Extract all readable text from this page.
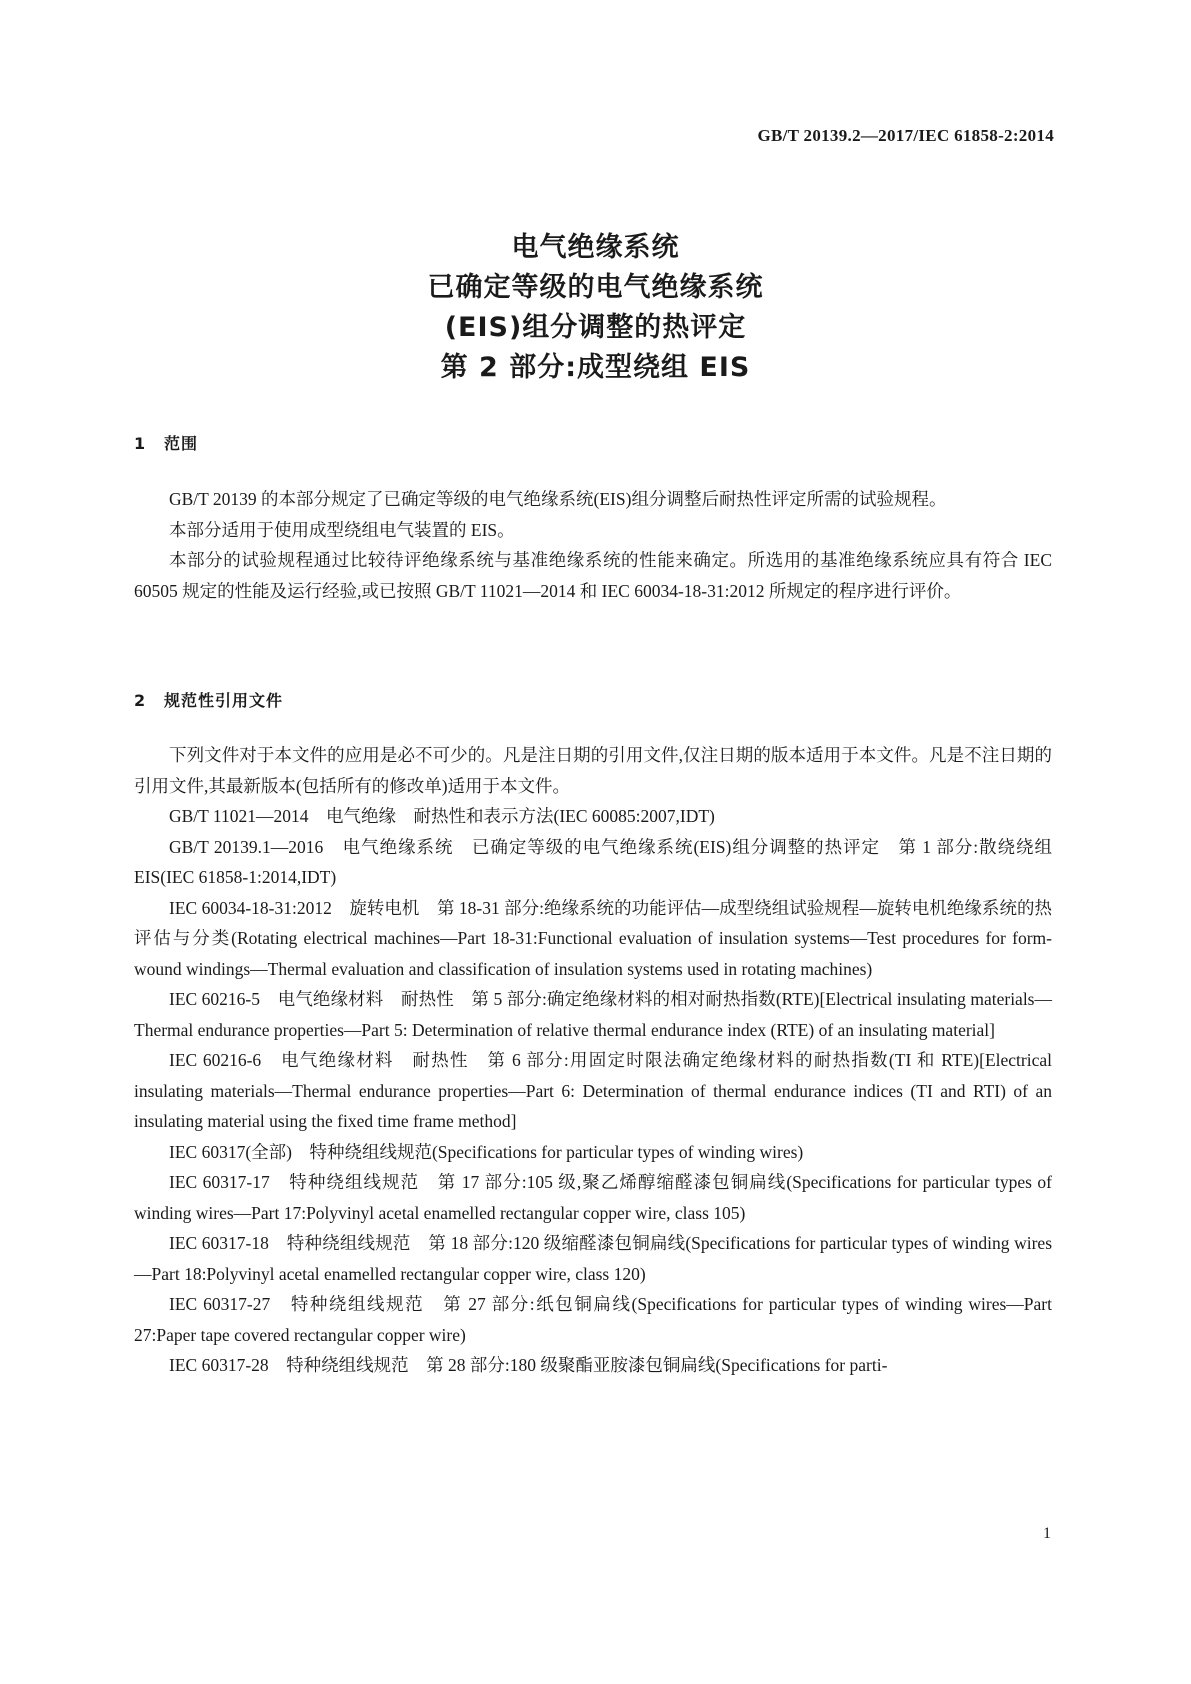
GB/T 20139.2—2017/IEC 61858-2:2014
电气绝缘系统
已确定等级的电气绝缘系统
(EIS)组分调整的热评定
第 2 部分:成型绕组 EIS
1 范围

GB/T 20139 的本部分规定了已确定等级的电气绝缘系统(EIS)组分调整后耐热性评定所需的试验规程。

本部分适用于使用成型绕组电气装置的 EIS。

本部分的试验规程通过比较待评绝缘系统与基准绝缘系统的性能来确定。所选用的基准绝缘系统应具有符合 IEC 60505 规定的性能及运行经验,或已按照 GB/T 11021—2014 和 IEC 60034-18-31:2012 所规定的程序进行评价。

2 规范性引用文件

下列文件对于本文件的应用是必不可少的。凡是注日期的引用文件,仅注日期的版本适用于本文件。凡是不注日期的引用文件,其最新版本(包括所有的修改单)适用于本文件。

GB/T 11021—2014　电气绝缘　耐热性和表示方法(IEC 60085:2007,IDT)

GB/T 20139.1—2016　电气绝缘系统　已确定等级的电气绝缘系统(EIS)组分调整的热评定　第 1 部分:散绕绕组 EIS(IEC 61858-1:2014,IDT)

IEC 60034-18-31:2012　旋转电机　第 18-31 部分:绝缘系统的功能评估—成型绕组试验规程—旋转电机绝缘系统的热评估与分类(Rotating electrical machines—Part 18-31:Functional evaluation of insulation systems—Test procedures for form-wound windings—Thermal evaluation and classification of insulation systems used in rotating machines)

IEC 60216-5　电气绝缘材料　耐热性　第 5 部分:确定绝缘材料的相对耐热指数(RTE)[Electrical insulating materials—Thermal endurance properties—Part 5: Determination of relative thermal endurance index (RTE) of an insulating material]

IEC 60216-6　电气绝缘材料　耐热性　第 6 部分:用固定时限法确定绝缘材料的耐热指数(TI 和 RTE)[Electrical insulating materials—Thermal endurance properties—Part 6: Determination of thermal endurance indices (TI and RTI) of an insulating material using the fixed time frame method]

IEC 60317(全部)　特种绕组线规范(Specifications for particular types of winding wires)

IEC 60317-17　特种绕组线规范　第 17 部分:105 级,聚乙烯醇缩醛漆包铜扁线(Specifications for particular types of winding wires—Part 17:Polyvinyl acetal enamelled rectangular copper wire, class 105)

IEC 60317-18　特种绕组线规范　第 18 部分:120 级缩醛漆包铜扁线(Specifications for particular types of winding wires—Part 18:Polyvinyl acetal enamelled rectangular copper wire, class 120)

IEC 60317-27　特种绕组线规范　第 27 部分:纸包铜扁线(Specifications for particular types of winding wires—Part 27:Paper tape covered rectangular copper wire)

IEC 60317-28　特种绕组线规范　第 28 部分:180 级聚酯亚胺漆包铜扁线(Specifications for parti-

1
